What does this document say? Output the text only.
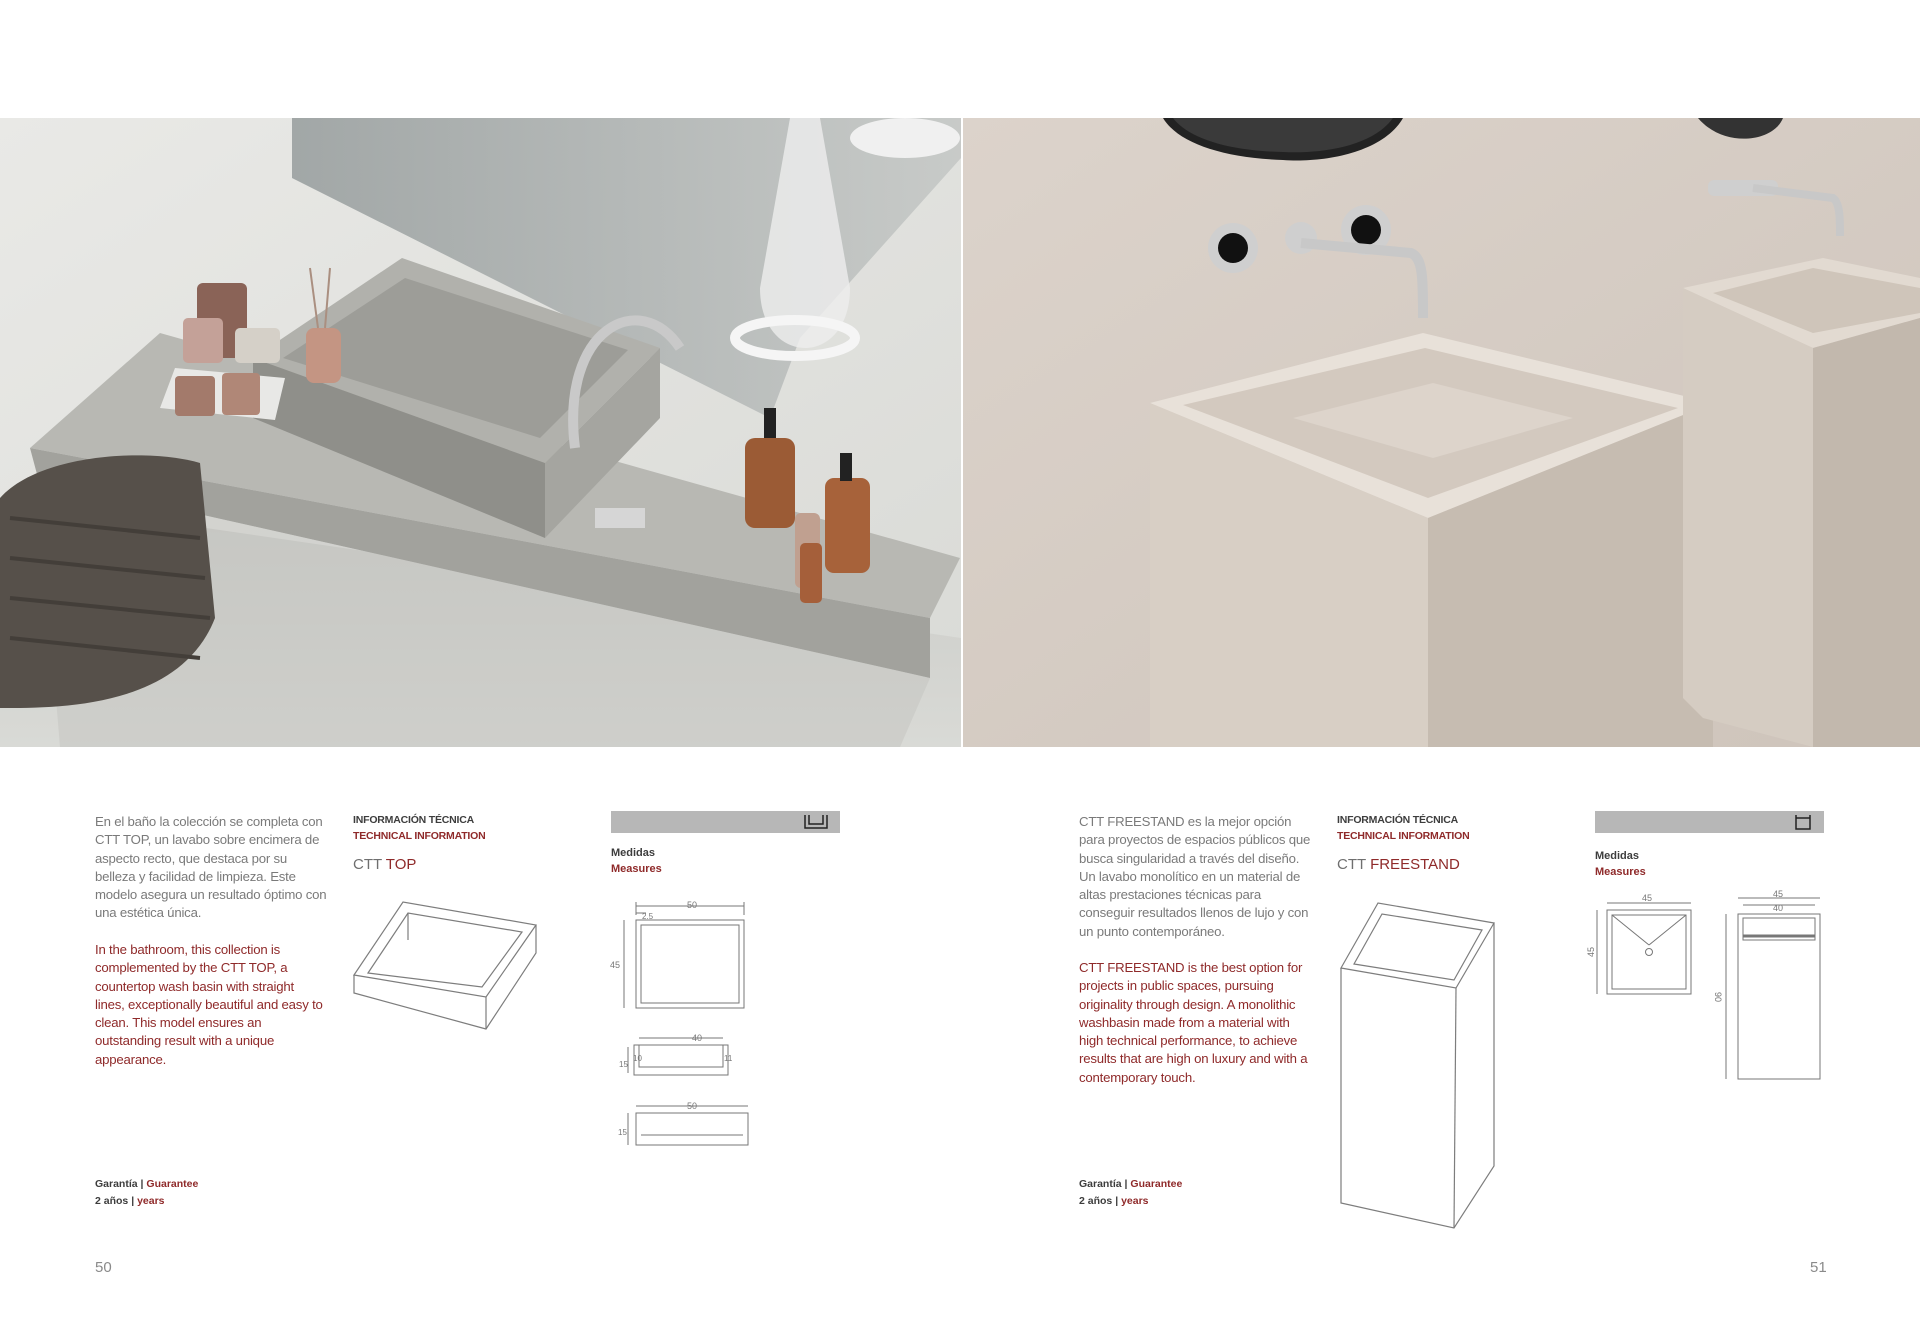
En el baño la colección se completa con CTT TOP, un lavabo sobre encimera de aspecto recto, que destaca por su belleza y facilidad de limpieza. Este modelo asegura un resultado óptimo con una estética única.
In the bathroom, this collection is complemented by the CTT TOP, a countertop wash basin with straight lines, exceptionally beautiful and easy to clean. This model ensures an outstanding result with a unique appearance.
INFORMACIÓN TÉCNICA
TECHNICAL INFORMATION
CTT TOP
Medidas
Measures
50
2.5
45
40
10	11
15
50
15
Garantía | Guarantee
2 años | years
50
CTT FREESTAND es la mejor opción para proyectos de espacios públicos que busca singularidad a través del diseño. Un lavabo monolítico en un material de altas prestaciones técnicas para conseguir resultados llenos de lujo y con un punto contemporáneo.
CTT FREESTAND is the best option for projects in public spaces, pursuing originality through design. A monolithic washbasin made from a material with high technical performance, to achieve results that are high on luxury and with a contemporary touch.
INFORMACIÓN TÉCNICA
TECHNICAL INFORMATION
CTT FREESTAND	Medidas
Measures
45
45
45
40
90
Garantía | Guarantee
2 años | years
51
